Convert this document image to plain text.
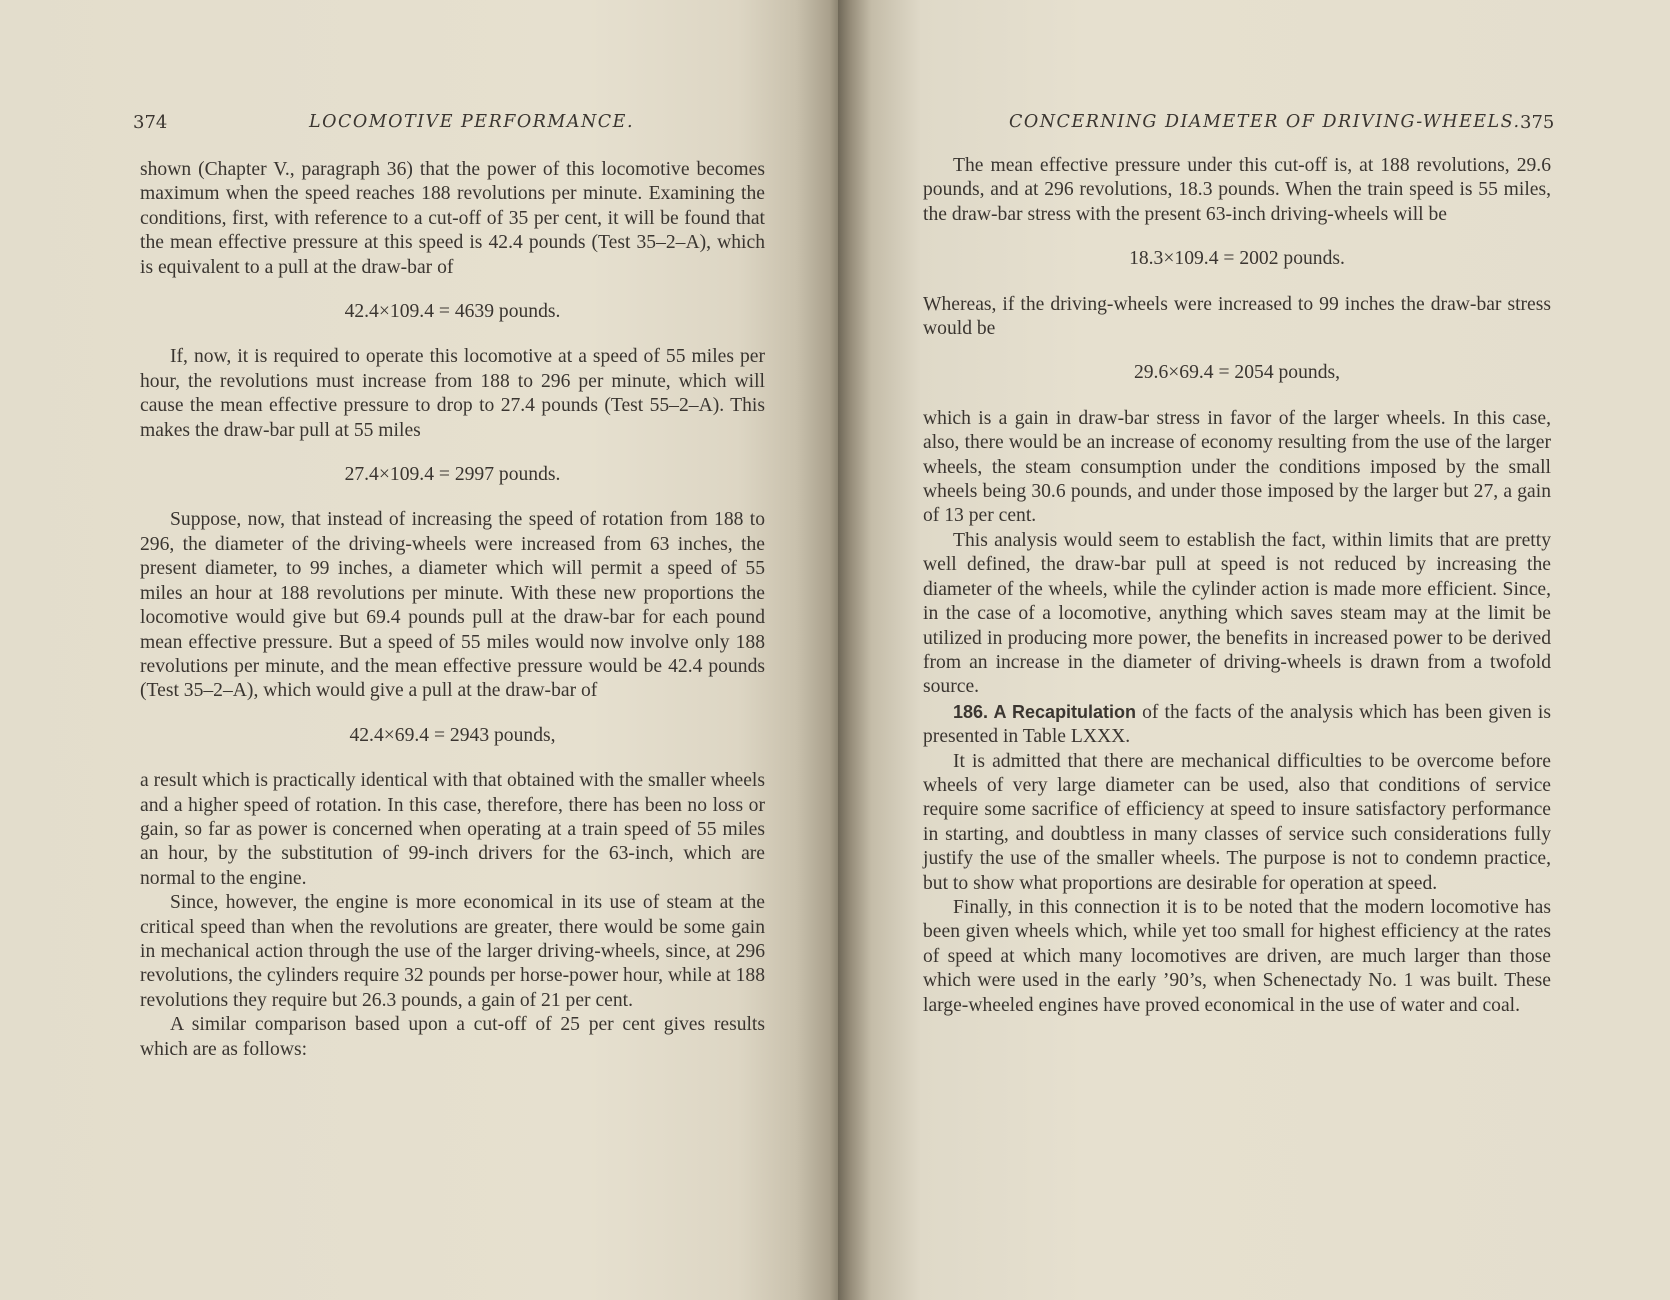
374	LOCOMOTIVE PERFORMANCE.

shown (Chapter V., paragraph 36) that the power of this locomotive becomes maximum when the speed reaches 188 revolutions per minute. Examining the conditions, first, with reference to a cut-off of 35 per cent, it will be found that the mean effective pressure at this speed is 42.4 pounds (Test 35–2–A), which is equivalent to a pull at the draw-bar of

42.4×109.4 = 4639 pounds.

If, now, it is required to operate this locomotive at a speed of 55 miles per hour, the revolutions must increase from 188 to 296 per minute, which will cause the mean effective pressure to drop to 27.4 pounds (Test 55–2–A). This makes the draw-bar pull at 55 miles

27.4×109.4 = 2997 pounds.

Suppose, now, that instead of increasing the speed of rotation from 188 to 296, the diameter of the driving-wheels were increased from 63 inches, the present diameter, to 99 inches, a diameter which will permit a speed of 55 miles an hour at 188 revolutions per minute. With these new proportions the locomotive would give but 69.4 pounds pull at the draw-bar for each pound mean effective pressure. But a speed of 55 miles would now involve only 188 revolutions per minute, and the mean effective pressure would be 42.4 pounds (Test 35–2–A), which would give a pull at the draw-bar of

42.4×69.4 = 2943 pounds,

a result which is practically identical with that obtained with the smaller wheels and a higher speed of rotation. In this case, therefore, there has been no loss or gain, so far as power is concerned when operating at a train speed of 55 miles an hour, by the substitution of 99-inch drivers for the 63-inch, which are normal to the engine.

Since, however, the engine is more economical in its use of steam at the critical speed than when the revolutions are greater, there would be some gain in mechanical action through the use of the larger driving-wheels, since, at 296 revolutions, the cylinders require 32 pounds per horse-power hour, while at 188 revolutions they require but 26.3 pounds, a gain of 21 per cent.

A similar comparison based upon a cut-off of 25 per cent gives results which are as follows:

CONCERNING DIAMETER OF DRIVING-WHEELS. 375

The mean effective pressure under this cut-off is, at 188 revolutions, 29.6 pounds, and at 296 revolutions, 18.3 pounds. When the train speed is 55 miles, the draw-bar stress with the present 63-inch driving-wheels will be

18.3×109.4 = 2002 pounds.

Whereas, if the driving-wheels were increased to 99 inches the draw-bar stress would be

29.6×69.4 = 2054 pounds,

which is a gain in draw-bar stress in favor of the larger wheels. In this case, also, there would be an increase of economy resulting from the use of the larger wheels, the steam consumption under the conditions imposed by the small wheels being 30.6 pounds, and under those imposed by the larger but 27, a gain of 13 per cent.

This analysis would seem to establish the fact, within limits that are pretty well defined, the draw-bar pull at speed is not reduced by increasing the diameter of the wheels, while the cylinder action is made more efficient. Since, in the case of a locomotive, anything which saves steam may at the limit be utilized in producing more power, the benefits in increased power to be derived from an increase in the diameter of driving-wheels is drawn from a twofold source.

186. A Recapitulation of the facts of the analysis which has been given is presented in Table LXXX.

It is admitted that there are mechanical difficulties to be overcome before wheels of very large diameter can be used, also that conditions of service require some sacrifice of efficiency at speed to insure satisfactory performance in starting, and doubtless in many classes of service such considerations fully justify the use of the smaller wheels. The purpose is not to condemn practice, but to show what proportions are desirable for operation at speed.

Finally, in this connection it is to be noted that the modern locomotive has been given wheels which, while yet too small for highest efficiency at the rates of speed at which many locomotives are driven, are much larger than those which were used in the early ’90’s, when Schenectady No. 1 was built. These large-wheeled engines have proved economical in the use of water and coal.
